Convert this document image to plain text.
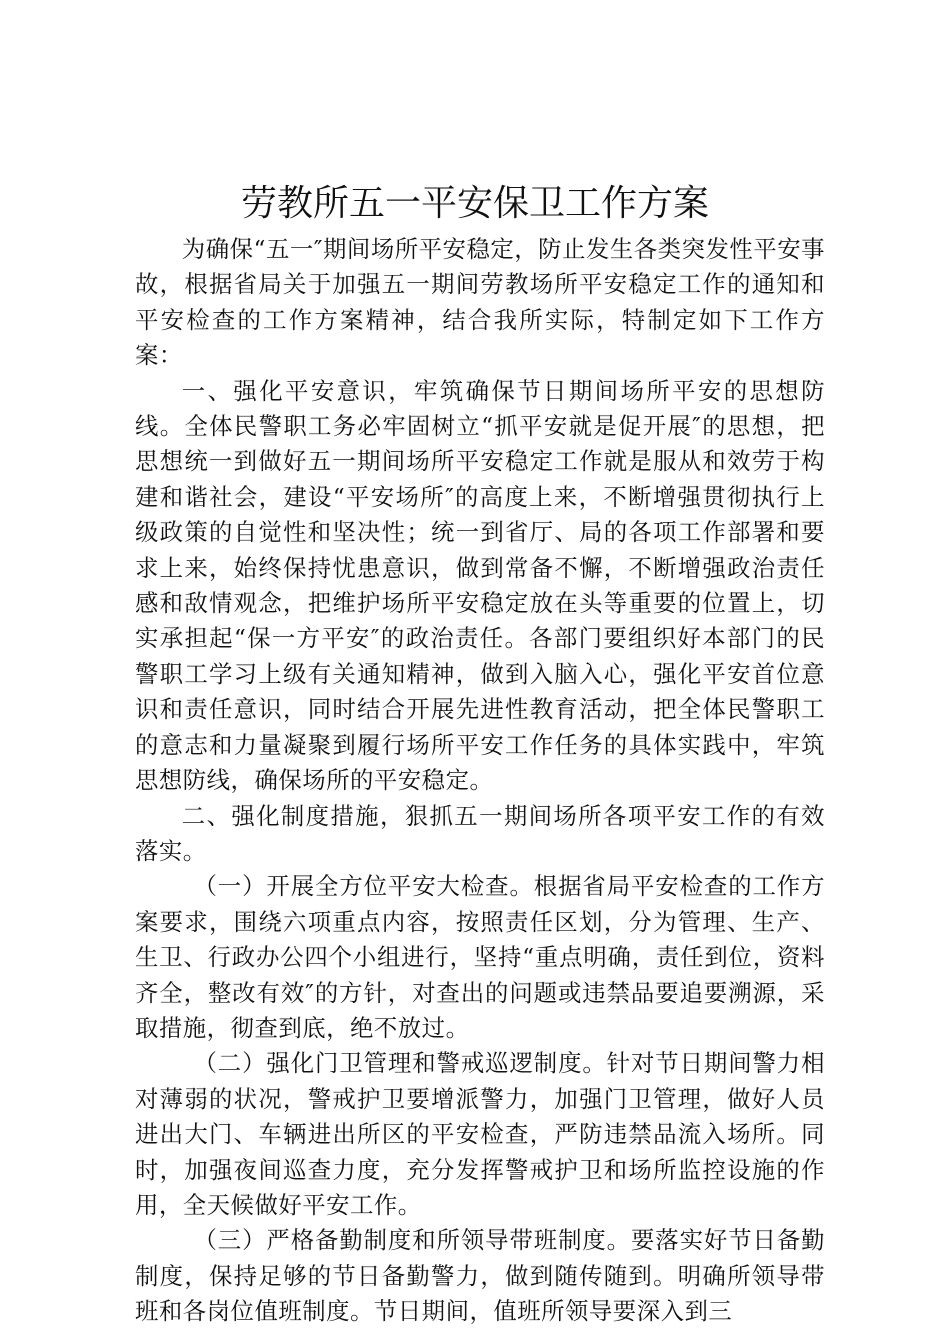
劳教所五一平安保卫工作方案

为确保“五一″期间场所平安稳定，防止发生各类突发性平安事故，根据省局关于加强五一期间劳教场所平安稳定工作的通知和平安检查的工作方案精神，结合我所实际，特制定如下工作方案：

一、强化平安意识，牢筑确保节日期间场所平安的思想防线。全体民警职工务必牢固树立“抓平安就是促开展″的思想，把思想统一到做好五一期间场所平安稳定工作就是服从和效劳于构建和谐社会，建设“平安场所″的高度上来，不断增强贯彻执行上级政策的自觉性和坚决性；统一到省厅、局的各项工作部署和要求上来，始终保持忧患意识，做到常备不懈，不断增强政治责任感和敌情观念，把维护场所平安稳定放在头等重要的位置上，切实承担起“保一方平安″的政治责任。各部门要组织好本部门的民警职工学习上级有关通知精神，做到入脑入心，强化平安首位意识和责任意识，同时结合开展先进性教育活动，把全体民警职工的意志和力量凝聚到履行场所平安工作任务的具体实践中，牢筑思想防线，确保场所的平安稳定。

二、强化制度措施，狠抓五一期间场所各项平安工作的有效落实。

（一）开展全方位平安大检查。根据省局平安检查的工作方案要求，围绕六项重点内容，按照责任区划，分为管理、生产、生卫、行政办公四个小组进行，坚持“重点明确，责任到位，资料齐全，整改有效″的方针，对查出的问题或违禁品要追要溯源，采取措施，彻查到底，绝不放过。

（二）强化门卫管理和警戒巡逻制度。针对节日期间警力相对薄弱的状况，警戒护卫要增派警力，加强门卫管理，做好人员进出大门、车辆进出所区的平安检查，严防违禁品流入场所。同时，加强夜间巡查力度，充分发挥警戒护卫和场所监控设施的作用，全天候做好平安工作。

（三）严格备勤制度和所领导带班制度。要落实好节日备勤制度，保持足够的节日备勤警力，做到随传随到。明确所领导带班和各岗位值班制度。节日期间，值班所领导要深入到三
